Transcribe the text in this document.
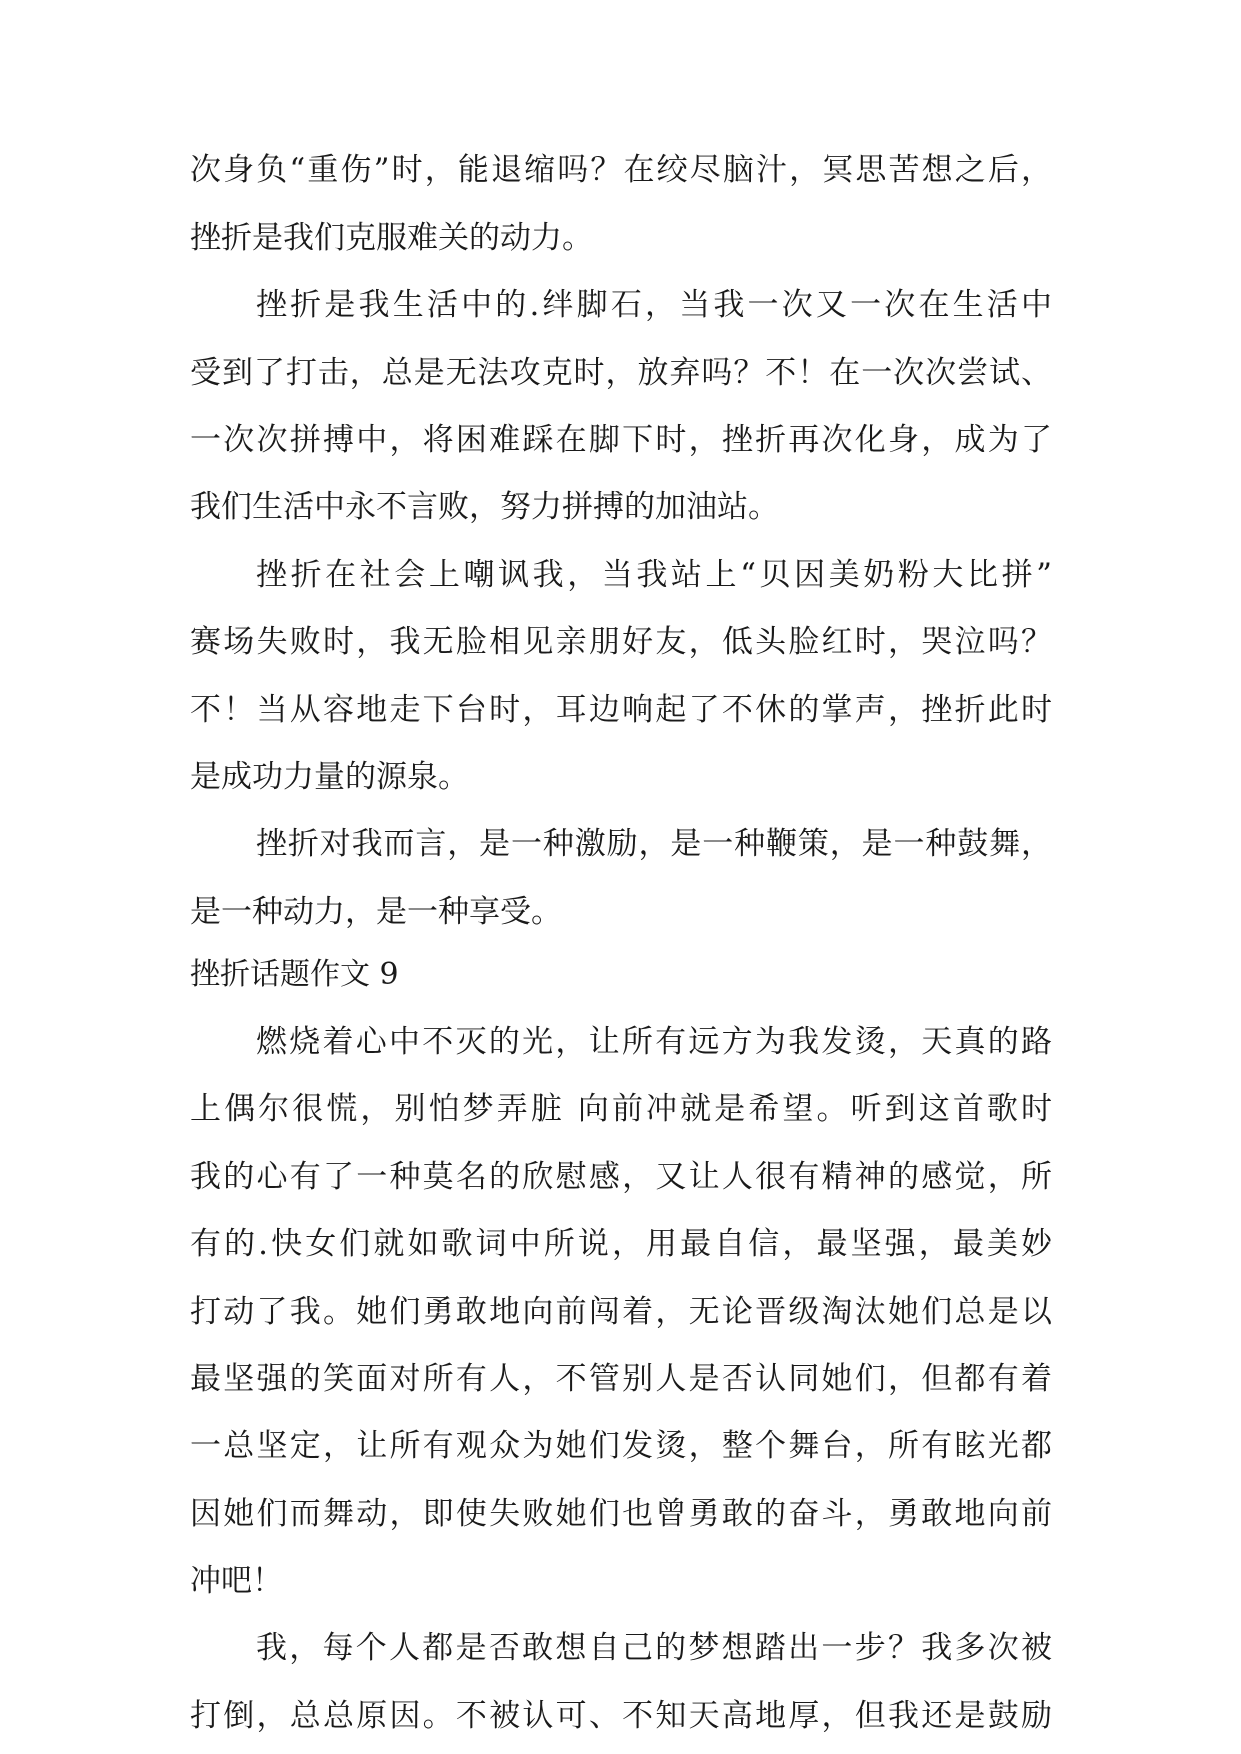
次身负“重伤”时，能退缩吗？在绞尽脑汁，冥思苦想之后，
挫折是我们克服难关的动力。
挫折是我生活中的.绊脚石，当我一次又一次在生活中
受到了打击，总是无法攻克时，放弃吗？不！在一次次尝试、
一次次拼搏中，将困难踩在脚下时，挫折再次化身，成为了
我们生活中永不言败，努力拼搏的加油站。
挫折在社会上嘲讽我，当我站上“贝因美奶粉大比拼”
赛场失败时，我无脸相见亲朋好友，低头脸红时，哭泣吗？
不！当从容地走下台时，耳边响起了不休的掌声，挫折此时
是成功力量的源泉。
挫折对我而言，是一种激励，是一种鞭策，是一种鼓舞，
是一种动力，是一种享受。
挫折话题作文 9
燃烧着心中不灭的光，让所有远方为我发烫，天真的路
上偶尔很慌，别怕梦弄脏 向前冲就是希望。听到这首歌时
我的心有了一种莫名的欣慰感，又让人很有精神的感觉，所
有的.快女们就如歌词中所说，用最自信，最坚强，最美妙
打动了我。她们勇敢地向前闯着，无论晋级淘汰她们总是以
最坚强的笑面对所有人，不管别人是否认同她们，但都有着
一总坚定，让所有观众为她们发烫，整个舞台，所有眩光都
因她们而舞动，即使失败她们也曾勇敢的奋斗，勇敢地向前
冲吧！
我，每个人都是否敢想自己的梦想踏出一步？我多次被
打倒，总总原因。不被认可、不知天高地厚，但我还是鼓励
